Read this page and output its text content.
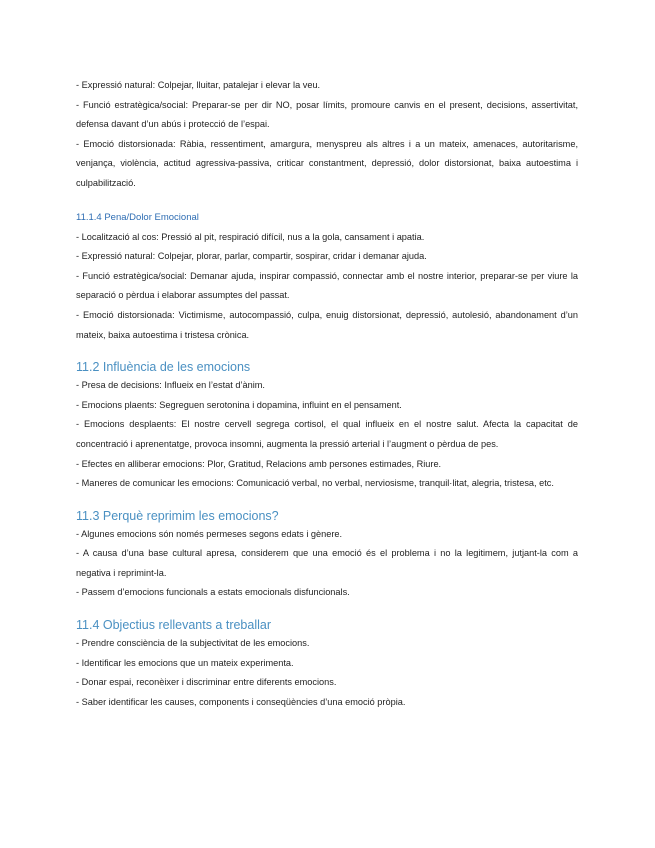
- Expressió natural: Colpejar, lluitar, patalejar i elevar la veu.

- Funció estratègica/social: Preparar-se per dir NO, posar límits, promoure canvis en el present, decisions, assertivitat, defensa davant d’un abús i protecció de l’espai.

- Emoció distorsionada: Ràbia, ressentiment, amargura, menyspreu als altres i a un mateix, amenaces, autoritarisme, venjança, violència, actitud agressiva-passiva, criticar constantment, depressió, dolor distorsionat, baixa autoestima i culpabilització.

11.1.4 Pena/Dolor Emocional

- Localització al cos: Pressió al pit, respiració difícil, nus a la gola, cansament i apatia.

- Expressió natural: Colpejar, plorar, parlar, compartir, sospirar, cridar i demanar ajuda.

- Funció estratègica/social: Demanar ajuda, inspirar compassió, connectar amb el nostre interior, preparar-se per viure la separació o pèrdua i elaborar assumptes del passat.

- Emoció distorsionada: Victimisme, autocompassió, culpa, enuig distorsionat, depressió, autolesió, abandonament d’un mateix, baixa autoestima i tristesa crònica.

11.2 Influència de les emocions

- Presa de decisions: Influeix en l’estat d’ànim.

- Emocions plaents: Segreguen serotonina i dopamina, influint en el pensament.

- Emocions desplaents: El nostre cervell segrega cortisol, el qual influeix en el nostre salut. Afecta la capacitat de concentració i aprenentatge, provoca insomni, augmenta la pressió arterial i l’augment o pèrdua de pes.

- Efectes en alliberar emocions: Plor, Gratitud, Relacions amb persones estimades, Riure.

- Maneres de comunicar les emocions: Comunicació verbal, no verbal, nerviosisme, tranquil·litat, alegria, tristesa, etc.

11.3 Perquè reprimim les emocions?

- Algunes emocions són només permeses segons edats i gènere.

- A causa d’una base cultural apresa, considerem que una emoció és el problema i no la legitimem, jutjant-la com a negativa i reprimint-la.

- Passem d’emocions funcionals a estats emocionals disfuncionals.

11.4 Objectius rellevants a treballar

- Prendre consciència de la subjectivitat de les emocions.

- Identificar les emocions que un mateix experimenta.

- Donar espai, reconèixer i discriminar entre diferents emocions.

- Saber identificar les causes, components i conseqüències d’una emoció pròpia.
